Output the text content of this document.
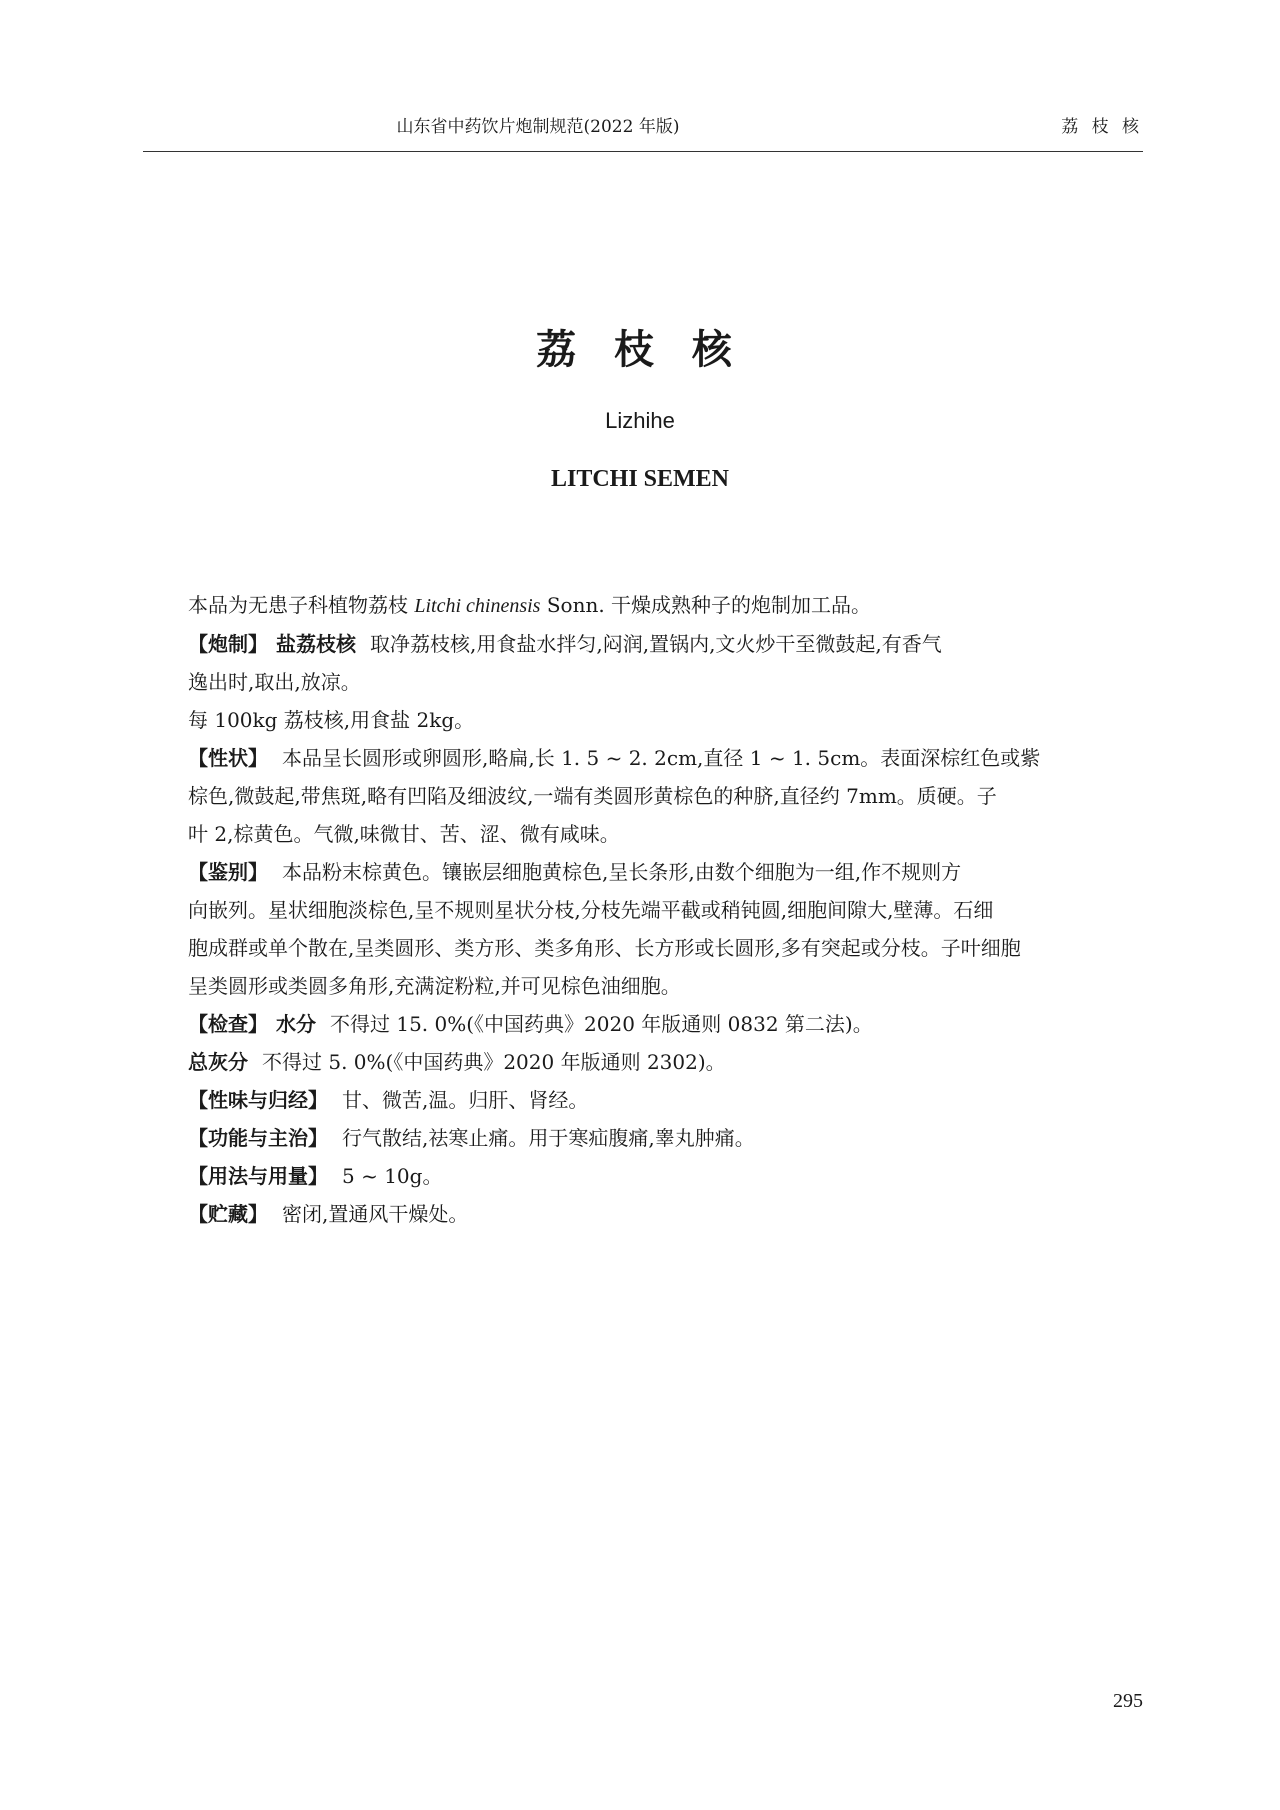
山东省中药饮片炮制规范(2022 年版)	荔 枝 核
荔 枝 核
Lizhihe
LITCHI SEMEN

本品为无患子科植物荔枝 Litchi chinensis Sonn. 干燥成熟种子的炮制加工品。

【炮制】 盐荔枝核 取净荔枝核,用食盐水拌匀,闷润,置锅内,文火炒干至微鼓起,有香气

逸出时,取出,放凉。

每 100kg 荔枝核,用食盐 2kg。

【性状】 本品呈长圆形或卵圆形,略扁,长 1. 5 ~ 2. 2cm,直径 1 ~ 1. 5cm。表面深棕红色或紫

棕色,微鼓起,带焦斑,略有凹陷及细波纹,一端有类圆形黄棕色的种脐,直径约 7mm。质硬。子

叶 2,棕黄色。气微,味微甘、苦、涩、微有咸味。

【鉴别】 本品粉末棕黄色。镶嵌层细胞黄棕色,呈长条形,由数个细胞为一组,作不规则方

向嵌列。星状细胞淡棕色,呈不规则星状分枝,分枝先端平截或稍钝圆,细胞间隙大,壁薄。石细

胞成群或单个散在,呈类圆形、类方形、类多角形、长方形或长圆形,多有突起或分枝。子叶细胞

呈类圆形或类圆多角形,充满淀粉粒,并可见棕色油细胞。

【检查】 水分 不得过 15. 0%(《中国药典》2020 年版通则 0832 第二法)。

总灰分 不得过 5. 0%(《中国药典》2020 年版通则 2302)。

【性味与归经】 甘、微苦,温。归肝、肾经。

【功能与主治】 行气散结,祛寒止痛。用于寒疝腹痛,睾丸肿痛。

【用法与用量】 5 ~ 10g。

【贮藏】 密闭,置通风干燥处。

295
